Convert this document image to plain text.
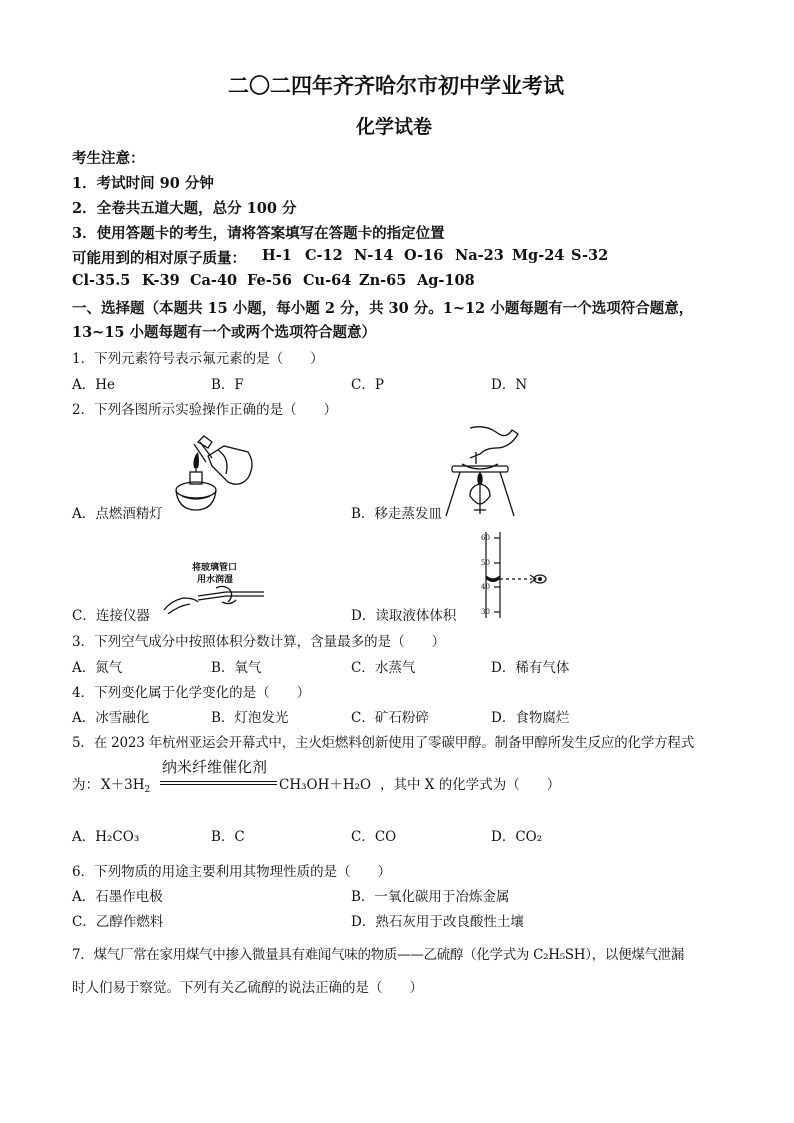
二〇二四年齐齐哈尔市初中学业考试
化学试卷
考生注意：
1．考试时间 90 分钟
2．全卷共五道大题，总分 100 分
3．使用答题卡的考生，请将答案填写在答题卡的指定位置
可能用到的相对原子质量： H-1 C-12 N-14 O-16 Na-23 Mg-24 S-32
Cl-35.5 K-39 Ca-40 Fe-56 Cu-64 Zn-65 Ag-108
一、选择题（本题共 15 小题，每小题 2 分，共 30 分。1~12 小题每题有一个选项符合题意，
13~15 小题每题有一个或两个选项符合题意）
1．下列元素符号表示氟元素的是（　　）
A．He	B．F	C．P	D．N
2．下列各图所示实验操作正确的是（　　）
A．点燃酒精灯	B．移走蒸发皿
将玻璃管口
用水润湿
C．连接仪器
60
50
40
30
D．读取液体体积
3．下列空气成分中按照体积分数计算，含量最多的是（　　）
A．氮气	B．氧气	C．水蒸气	D．稀有气体
4．下列变化属于化学变化的是（　　）
A．冰雪融化	B．灯泡发光	C．矿石粉碎	D．食物腐烂
5．在 2023 年杭州亚运会开幕式中，主火炬燃料创新使用了零碳甲醇。制备甲醇所发生反应的化学方程式
为： $X+3H_2$
纳米纤维催化剂
CH₃OH＋H₂O ，其中 X 的化学式为（　　）
A．H₂CO₃	B．C	C．CO	D．CO₂
6．下列物质的用途主要利用其物理性质的是（　　）
A．石墨作电极	B．一氧化碳用于冶炼金属
C．乙醇作燃料	D．熟石灰用于改良酸性土壤
7．煤气厂常在家用煤气中掺入微量具有难闻气味的物质——乙硫醇（化学式为 C₂H₅SH），以便煤气泄漏
时人们易于察觉。下列有关乙硫醇的说法正确的是（　　）
